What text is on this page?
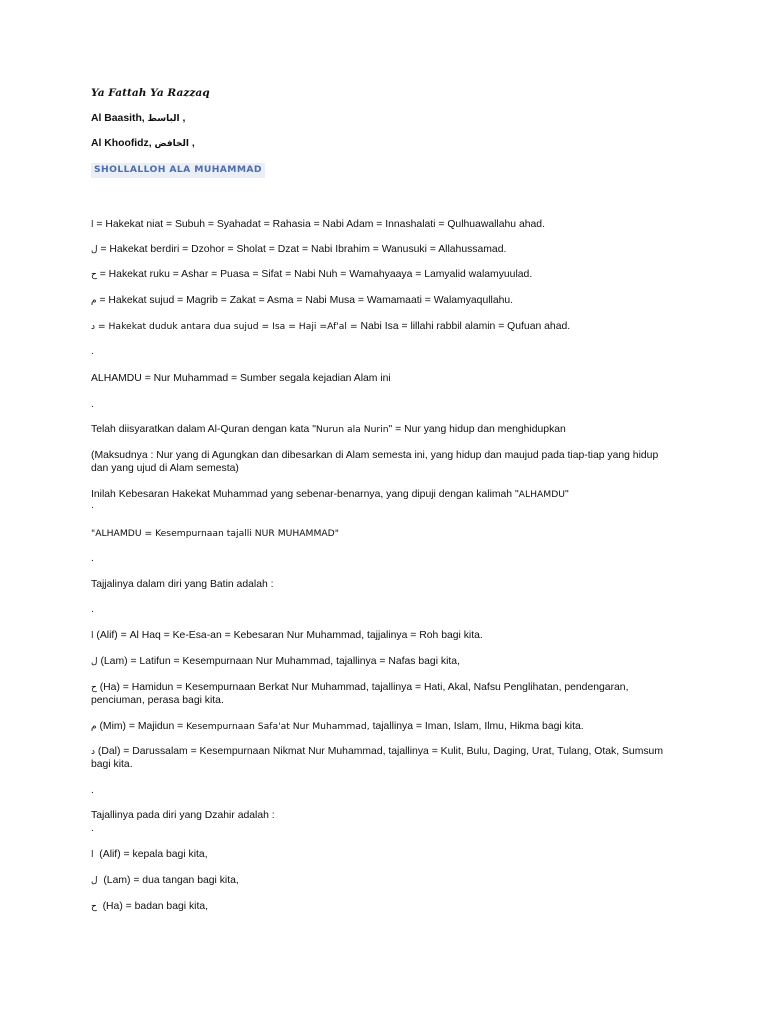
Ya Fattah Ya Razzaq
Al Baasith, الباسط ,
Al Khoofidz, الخافض ,
SHOLLALLOH ALA MUHAMMAD
ا = Hakekat niat = Subuh = Syahadat = Rahasia = Nabi Adam = Innashalati = Qulhuawallahu ahad.
ل = Hakekat berdiri = Dzohor = Sholat = Dzat = Nabi Ibrahim = Wanusuki = Allahussamad.
ح = Hakekat ruku = Ashar = Puasa = Sifat = Nabi Nuh = Wamahyaaya = Lamyalid walamyuulad.
م = Hakekat sujud = Magrib = Zakat = Asma = Nabi Musa = Wamamaati = Walamyaqullahu.
د = Hakekat duduk antara dua sujud = Isa = Haji =Af'al = Nabi Isa = lillahi rabbil alamin = Qufuan ahad.
.
ALHAMDU = Nur Muhammad = Sumber segala kejadian Alam ini
.
Telah diisyaratkan dalam Al-Quran dengan kata "Nurun ala Nurin" = Nur yang hidup dan menghidupkan
(Maksudnya : Nur yang di Agungkan dan dibesarkan di Alam semesta ini, yang hidup dan maujud pada tiap-tiap yang hidup dan yang ujud di Alam semesta)
Inilah Kebesaran Hakekat Muhammad yang sebenar-benarnya, yang dipuji dengan kalimah "ALHAMDU"
.
"ALHAMDU = Kesempurnaan tajalli NUR MUHAMMAD"
.
Tajjalinya dalam diri yang Batin adalah :
.
ا (Alif) = Al Haq = Ke-Esa-an = Kebesaran Nur Muhammad, tajjalinya = Roh bagi kita.
ل (Lam) = Latifun = Kesempurnaan Nur Muhammad, tajallinya = Nafas bagi kita,
ح (Ha) = Hamidun = Kesempurnaan Berkat Nur Muhammad, tajallinya = Hati, Akal, Nafsu Penglihatan, pendengaran, penciuman, perasa bagi kita.
م (Mim) = Majidun = Kesempurnaan Safa'at Nur Muhammad, tajallinya = Iman, Islam, Ilmu, Hikma bagi kita.
د (Dal) = Darussalam = Kesempurnaan Nikmat Nur Muhammad, tajallinya = Kulit, Bulu, Daging, Urat, Tulang, Otak, Sumsum bagi kita.
.
Tajallinya pada diri yang Dzahir adalah :
.
ا (Alif) = kepala bagi kita,
ل (Lam) = dua tangan bagi kita,
ح (Ha) = badan bagi kita,
